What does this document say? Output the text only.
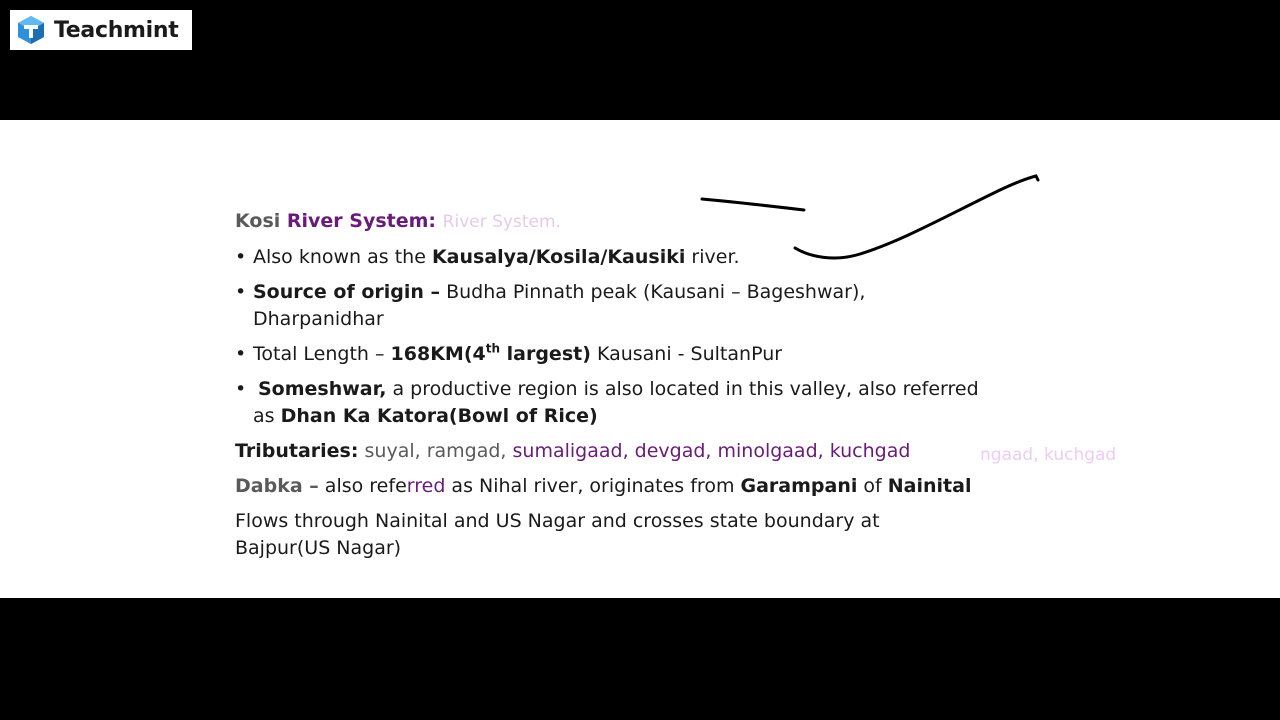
Teachmint
ngaad, kuchgad

Kosi River System: River System.

• Also known as the Kausalya/Kosila/Kausiki river.

• Source of origin – Budha Pinnath peak (Kausani – Bageshwar),

Dharpanidhar

• Total Length – 168KM(4th largest) Kausani - SultanPur

• Someshwar, a productive region is also located in this valley, also referred

as Dhan Ka Katora(Bowl of Rice)

Tributaries: suyal, ramgad, sumaligaad, devgad, minolgaad, kuchgad

Dabka – also referred as Nihal river, originates from Garampani of Nainital

Flows through Nainital and US Nagar and crosses state boundary at

Bajpur(US Nagar)
